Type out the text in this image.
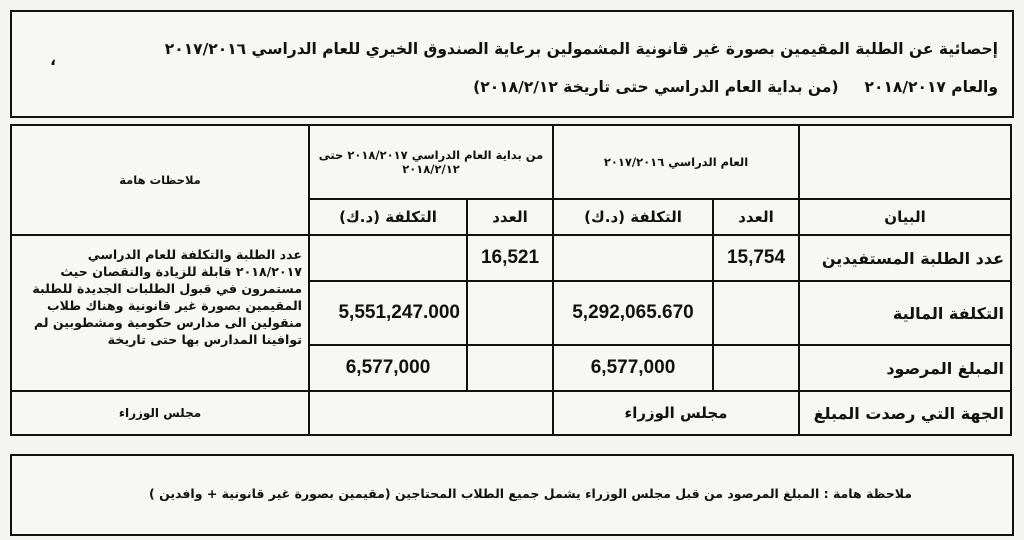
إحصائية عن الطلبة المقيمين بصورة غير قانونية المشمولين برعاية الصندوق الخيري للعام الدراسي ٢٠١٧/٢٠١٦
والعام ٢٠١٨/٢٠١٧(من بداية العام الدراسي حتى تاريخة ٢٠١٨/٢/١٢)
،
	العام الدراسي ٢٠١٧/٢٠١٦		من بداية العام الدراسي ٢٠١٨/٢٠١٧ حتى ٢٠١٨/٢/١٢		ملاحظات هامة
البيان	العدد	التكلفة (د.ك)	العدد	التكلفة (د.ك)	
عدد الطلبة المستفيدين	15,754		16,521		عدد الطلبة والتكلفة للعام الدراسي ٢٠١٨/٢٠١٧ قابلة للزيادة والنقصان حيث مستمرون في قبول الطلبات الجديدة للطلبة المقيمين بصورة غير قانونية وهناك طلاب منقولين الى مدارس حكومية ومشطوبين لم توافينا المدارس بها حتى تاريخة
التكلفة المالية		5,292,065.670		5,551,247.000	
المبلغ المرصود		6,577,000		6,577,000	
الجهة التي رصدت المبلغ	مجلس الوزراء				مجلس الوزراء
ملاحظة هامة : المبلغ المرصود من قبل مجلس الوزراء يشمل جميع الطلاب المحتاجين (مقيمين بصورة غير قانونية + وافدين )
